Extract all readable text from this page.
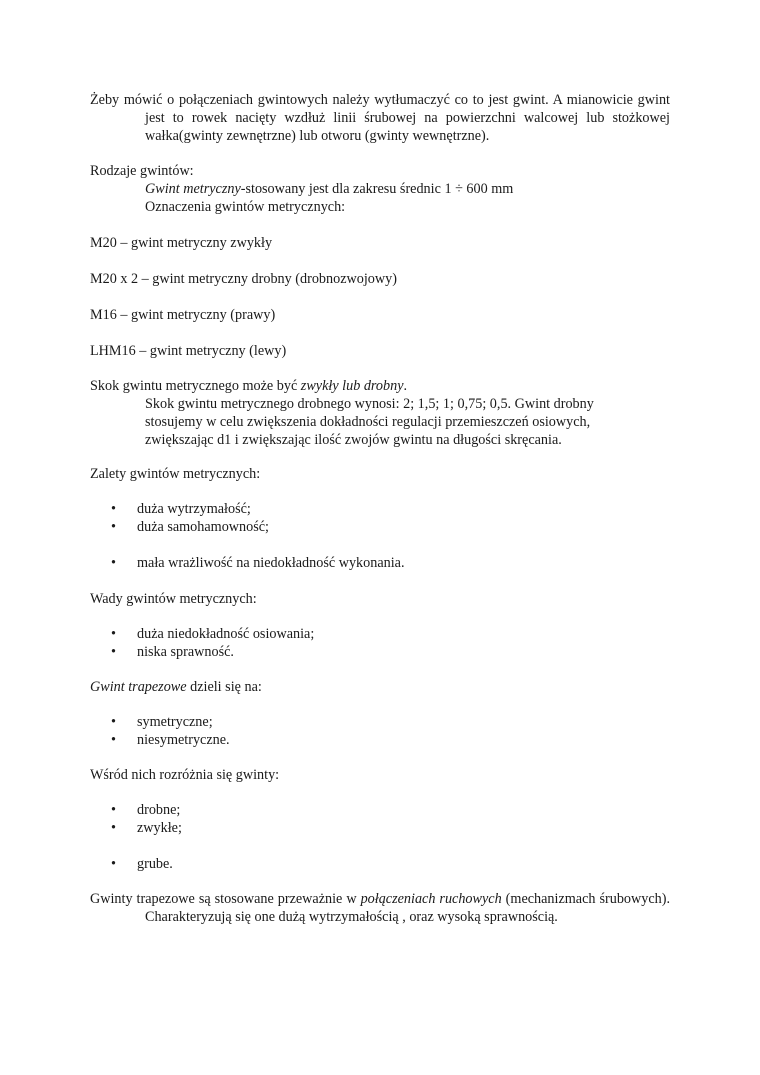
Żeby mówić o połączeniach gwintowych należy wytłumaczyć co to jest gwint. A mianowicie gwint jest to rowek nacięty wzdłuż linii śrubowej na powierzchni walcowej lub stożkowej wałka(gwinty zewnętrzne) lub otworu (gwinty wewnętrzne).

Rodzaje gwintów:
Gwint metryczny-stosowany jest dla zakresu średnic 1 ÷ 600 mm
Oznaczenia gwintów metrycznych:

M20 – gwint metryczny zwykły

M20 x 2 – gwint metryczny drobny (drobnozwojowy)

M16 – gwint metryczny (prawy)

LHM16 – gwint metryczny (lewy)

Skok gwintu metrycznego może być zwykły lub drobny.
Skok gwintu metrycznego drobnego wynosi: 2; 1,5; 1; 0,75; 0,5. Gwint drobny
stosujemy w celu zwiększenia dokładności regulacji przemieszczeń osiowych,
zwiększając d1 i zwiększając ilość zwojów gwintu na długości skręcania.

Zalety gwintów metrycznych:

• duża wytrzymałość;
• duża samohamowność;
• mała wrażliwość na niedokładność wykonania.

Wady gwintów metrycznych:

• duża niedokładność osiowania;
• niska sprawność.

Gwint trapezowe dzieli się na:

• symetryczne;
• niesymetryczne.

Wśród nich rozróżnia się gwinty:

• drobne;
• zwykłe;
• grube.

Gwinty trapezowe są stosowane przeważnie w połączeniach ruchowych (mechanizmach śrubowych). Charakteryzują się one dużą wytrzymałością , oraz wysoką sprawnością.
